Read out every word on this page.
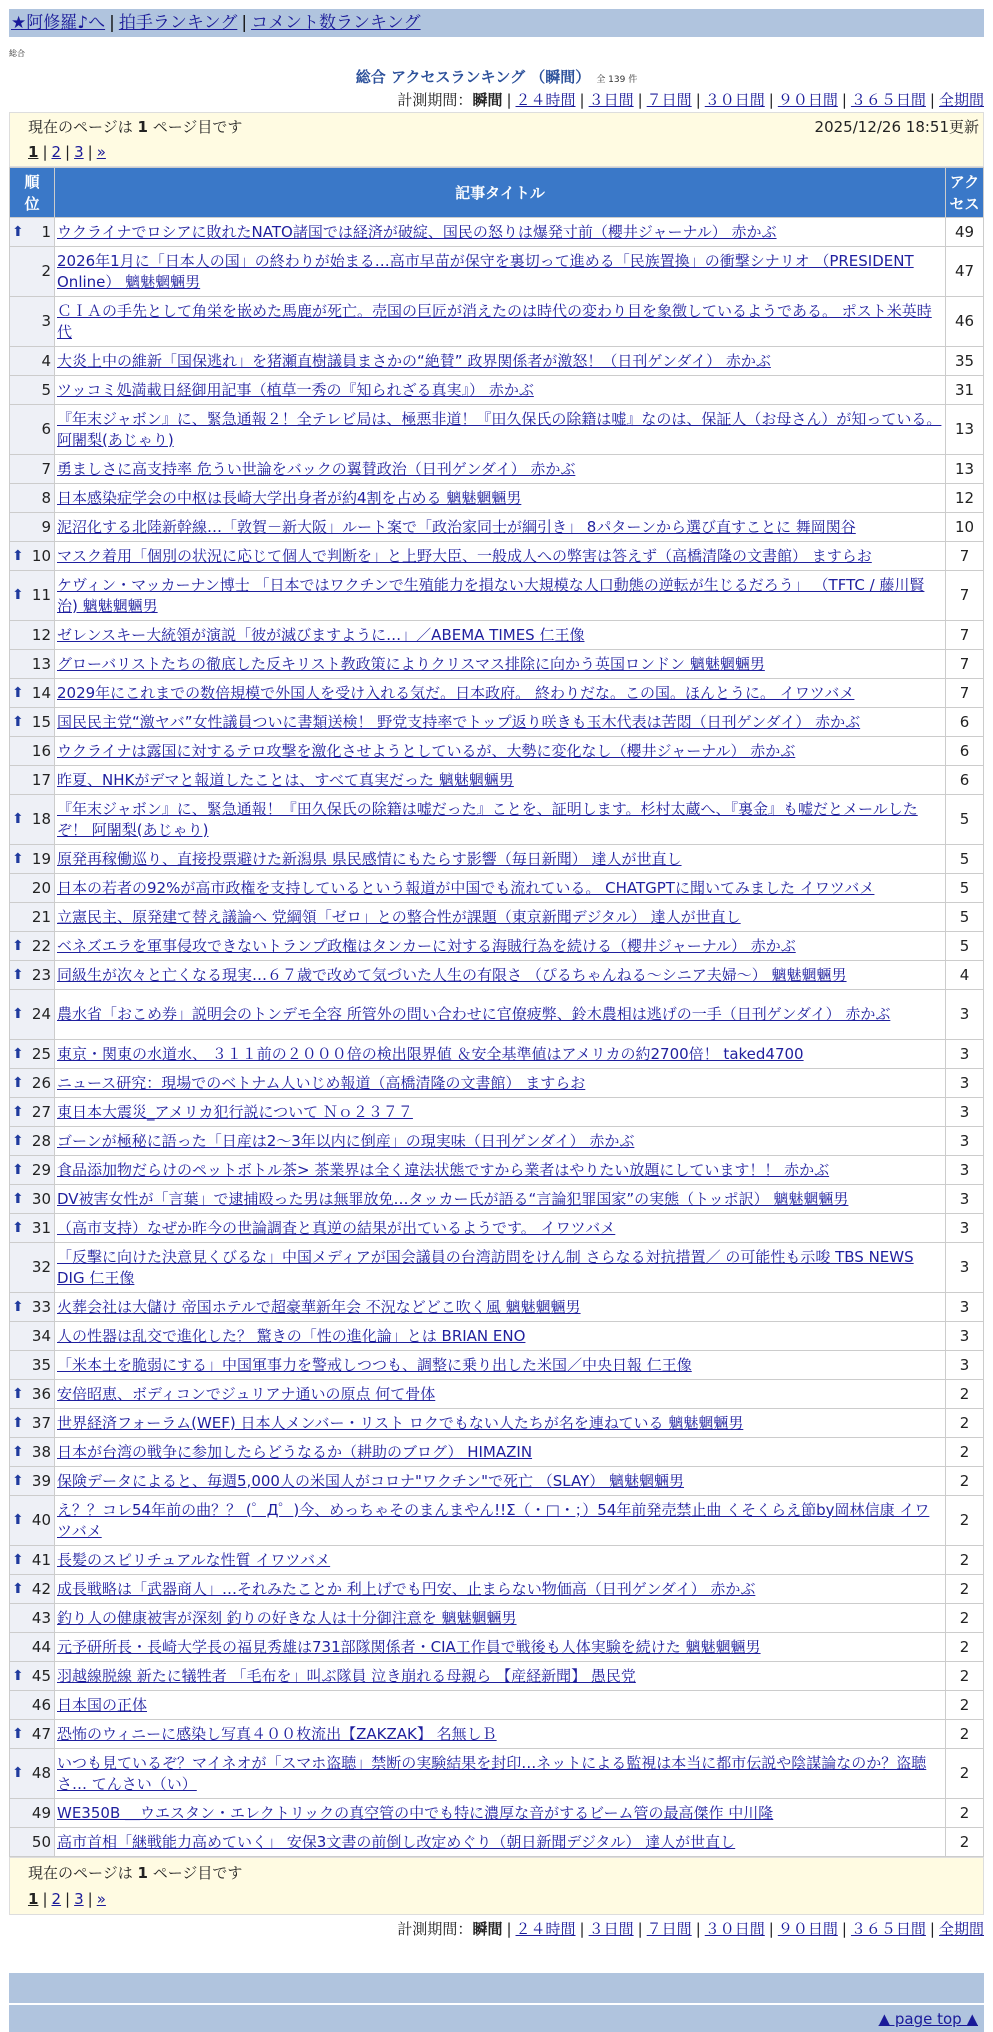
★阿修羅♪へ | 拍手ランキング | コメント数ランキング
総合
総合 アクセスランキング （瞬間） 全 139 件
計測期間：瞬間 | ２４時間 | ３日間 | ７日間 | ３０日間 | ９０日間 | ３６５日間 | 全期間
現在のページは 1 ページ目です	2025/12/26 18:51更新
1 | 2 | 3 | »
順位	記事タイトル	アクセス

⬆ 1	ウクライナでロシアに敗れたNATO諸国では経済が破綻、国民の怒りは爆発寸前（櫻井ジャーナル） 赤かぶ	49
2	2026年1月に「日本人の国」の終わりが始まる…高市早苗が保守を裏切って進める「民族置換」の衝撃シナリオ （PRESIDENT Online） 魑魅魍魎男	47
3	ＣＩＡの手先として角栄を嵌めた馬鹿が死亡。売国の巨匠が消えたのは時代の変わり目を象徴しているようである。 ポスト米英時代	46
4	大炎上中の維新「国保逃れ」を猪瀬直樹議員まさかの“絶賛” 政界関係者が激怒！（日刊ゲンダイ） 赤かぶ	35
5	ツッコミ処満載日経御用記事（植草一秀の『知られざる真実』） 赤かぶ	31
6	『年末ジャボン』に、緊急通報２！全テレビ局は、極悪非道！『田久保氏の除籍は嘘』なのは、保証人（お母さん）が知っている。 阿闍梨(あじゃり)	13
7	勇ましさに高支持率 危うい世論をバックの翼賛政治（日刊ゲンダイ） 赤かぶ	13
8	日本感染症学会の中枢は長崎大学出身者が約4割を占める 魑魅魍魎男	12
9	泥沼化する北陸新幹線…「敦賀－新大阪」ルート案で「政治家同士が綱引き」 8パターンから選び直すことに 舞岡関谷	10

⬆ 10	マスク着用「個別の状況に応じて個人で判断を」と上野大臣、一般成人への弊害は答えず（高橋清隆の文書館） ますらお	7

⬆ 11	ケヴィン・マッカーナン博士 「日本ではワクチンで生殖能力を損ない大規模な人口動態の逆転が生じるだろう」 （TFTC / 藤川賢治) 魑魅魍魎男	7
12	ゼレンスキー大統領が演説「彼が滅びますように…」／ABEMA TIMES 仁王像	7
13	グローバリストたちの徹底した反キリスト教政策によりクリスマス排除に向かう英国ロンドン 魑魅魍魎男	7

⬆ 14	2029年にこれまでの数倍規模で外国人を受け入れる気だ。日本政府。 終わりだな。この国。ほんとうに。 イワツバメ	7

⬆ 15	国民民主党“激ヤバ”女性議員ついに書類送検！ 野党支持率でトップ返り咲きも玉木代表は苦悶（日刊ゲンダイ） 赤かぶ	6
16	ウクライナは露国に対するテロ攻撃を激化させようとしているが、大勢に変化なし（櫻井ジャーナル） 赤かぶ	6
17	昨夏、NHKがデマと報道したことは、すべて真実だった 魑魅魍魎男	6

⬆ 18	『年末ジャボン』に、緊急通報！『田久保氏の除籍は嘘だった』ことを、証明します。杉村太蔵へ、『裏金』も嘘だとメールしたぞ！ 阿闍梨(あじゃり)	5

⬆ 19	原発再稼働巡り、直接投票避けた新潟県 県民感情にもたらす影響（毎日新聞） 達人が世直し	5
20	日本の若者の92%が高市政権を支持しているという報道が中国でも流れている。 CHATGPTに聞いてみました イワツバメ	5
21	立憲民主、原発建て替え議論へ 党綱領「ゼロ」との整合性が課題（東京新聞デジタル） 達人が世直し	5

⬆ 22	ベネズエラを軍事侵攻できないトランプ政権はタンカーに対する海賊行為を続ける（櫻井ジャーナル） 赤かぶ	5

⬆ 23	同級生が次々と亡くなる現実…６７歳で改めて気づいた人生の有限さ （ぴるちゃんねる～シニア夫婦～） 魑魅魍魎男	4

⬆ 24	農水省「おこめ券」説明会のトンデモ全容 所管外の問い合わせに官僚疲弊、鈴木農相は逃げの一手（日刊ゲンダイ） 赤かぶ	3

⬆ 25	東京・関東の水道水、 ３１１前の２０００倍の検出限界値 ＆安全基準値はアメリカの約2700倍！ taked4700	3

⬆ 26	ニュース研究：現場でのベトナム人いじめ報道（高橋清隆の文書館） ますらお	3

⬆ 27	東日本大震災_アメリカ犯行説について Ｎｏ２３７７	3

⬆ 28	ゴーンが極秘に語った「日産は2～3年以内に倒産」の現実味（日刊ゲンダイ） 赤かぶ	3

⬆ 29	食品添加物だらけのペットボトル茶> 茶業界は全く違法状態ですから業者はやりたい放題にしています！！ 赤かぶ	3

⬆ 30	DV被害女性が「言葉」で逮捕殴った男は無罪放免…タッカー氏が語る“言論犯罪国家”の実態（トッポ訳） 魑魅魍魎男	3

⬆ 31	（高市支持）なぜか昨今の世論調査と真逆の結果が出ているようです。 イワツバメ	3
32	「反擊に向けた決意見くびるな」中国メディアが国会議員の台湾訪問をけん制 さらなる対抗措置／ の可能性も示唆 TBS NEWS DIG 仁王像	3

⬆ 33	火葬会社は大儲け 帝国ホテルで超豪華新年会 不況などどこ吹く風 魑魅魍魎男	3
34	人の性器は乱交で進化した？ 驚きの「性の進化論」とは BRIAN ENO	3
35	「米本土を脆弱にする」中国軍事力を警戒しつつも、調整に乗り出した米国／中央日報 仁王像	3

⬆ 36	安倍昭恵、ボディコンでジュリアナ通いの原点 何て骨体	2

⬆ 37	世界経済フォーラム(WEF) 日本人メンバー・リスト ロクでもない人たちが名を連ねている 魑魅魍魎男	2

⬆ 38	日本が台湾の戦争に参加したらどうなるか（耕助のブログ） HIMAZIN	2

⬆ 39	保険データによると、毎週5,000人の米国人がコロナ"ワクチン"で死亡 （SLAY） 魑魅魍魎男	2

⬆ 40	え？？コレ54年前の曲？？ (゜Д゜)今、めっちゃそのまんまやん!!Σ（・□・；）54年前発売禁止曲 くそくらえ節by岡林信康 イワツバメ	2

⬆ 41	長髪のスピリチュアルな性質 イワツバメ	2

⬆ 42	成長戦略は「武器商人」…それみたことか 利上げでも円安、止まらない物価高（日刊ゲンダイ） 赤かぶ	2
43	釣り人の健康被害が深刻 釣りの好きな人は十分御注意を 魑魅魍魎男	2
44	元予研所長・長崎大学長の福見秀雄は731部隊関係者・CIA工作員で戦後も人体実験を続けた 魑魅魍魎男	2

⬆ 45	羽越線脱線 新たに犠牲者 「毛布を」叫ぶ隊員 泣き崩れる母親ら 【産経新聞】 愚民党	2
46	日本国の正体	2

⬆ 47	恐怖のウィニーに感染し写真４００枚流出【ZAKZAK】 名無しＢ	2

⬆ 48	いつも見ているぞ？マイネオが「スマホ盗聴」禁断の実験結果を封印…ネットによる監視は本当に都市伝説や陰謀論なのか？盗聴さ… てんさい（い）	2
49	WE350B ＿ウエスタン・エレクトリックの真空管の中でも特に濃厚な音がするビーム管の最高傑作 中川隆	2
50	高市首相「継戦能力高めていく」 安保3文書の前倒し改定めぐり（朝日新聞デジタル） 達人が世直し	2
現在のページは 1 ページ目です
1 | 2 | 3 | »
計測期間：瞬間 | ２４時間 | ３日間 | ７日間 | ３０日間 | ９０日間 | ３６５日間 | 全期間
▲ page top ▲
